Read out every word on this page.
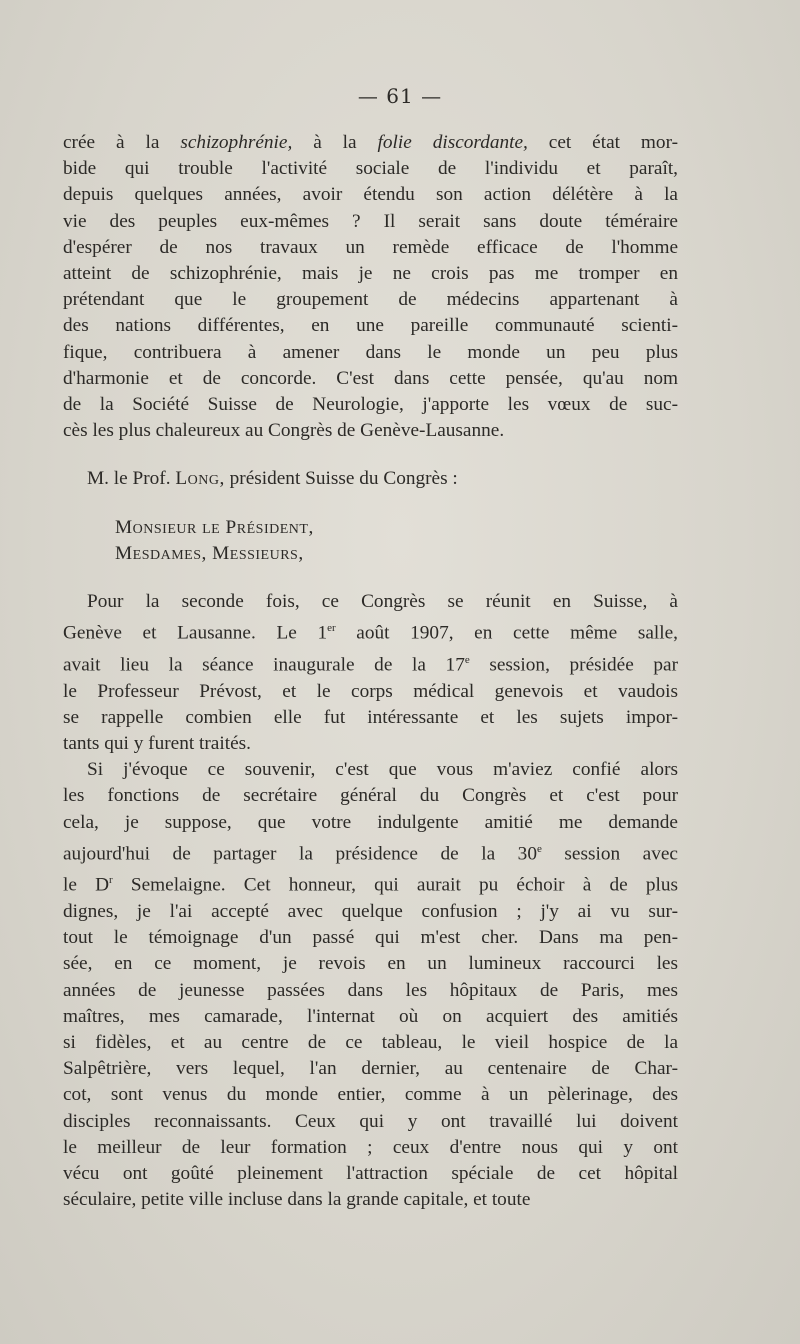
— 61 —
crée à la schizophrénie, à la folie discordante, cet état mor-
bide qui trouble l'activité sociale de l'individu et paraît,
depuis quelques années, avoir étendu son action délétère à la
vie des peuples eux-mêmes ? Il serait sans doute téméraire
d'espérer de nos travaux un remède efficace de l'homme
atteint de schizophrénie, mais je ne crois pas me tromper en
prétendant que le groupement de médecins appartenant à
des nations différentes, en une pareille communauté scienti-
fique, contribuera à amener dans le monde un peu plus
d'harmonie et de concorde. C'est dans cette pensée, qu'au nom
de la Société Suisse de Neurologie, j'apporte les vœux de suc-
cès les plus chaleureux au Congrès de Genève-Lausanne.
M. le Prof. Long, président Suisse du Congrès :
Monsieur le Président,
Mesdames, Messieurs,
Pour la seconde fois, ce Congrès se réunit en Suisse, à
Genève et Lausanne. Le 1er août 1907, en cette même salle,
avait lieu la séance inaugurale de la 17e session, présidée par
le Professeur Prévost, et le corps médical genevois et vaudois
se rappelle combien elle fut intéressante et les sujets impor-
tants qui y furent traités.
Si j'évoque ce souvenir, c'est que vous m'aviez confié alors
les fonctions de secrétaire général du Congrès et c'est pour
cela, je suppose, que votre indulgente amitié me demande
aujourd'hui de partager la présidence de la 30e session avec
le $D^r$ Semelaigne. Cet honneur, qui aurait pu échoir à de plus
dignes, je l'ai accepté avec quelque confusion ; j'y ai vu sur-
tout le témoignage d'un passé qui m'est cher. Dans ma pen-
sée, en ce moment, je revois en un lumineux raccourci les
années de jeunesse passées dans les hôpitaux de Paris, mes
maîtres, mes camarade, l'internat où on acquiert des amitiés
si fidèles, et au centre de ce tableau, le vieil hospice de la
Salpêtrière, vers lequel, l'an dernier, au centenaire de Char-
cot, sont venus du monde entier, comme à un pèlerinage, des
disciples reconnaissants. Ceux qui y ont travaillé lui doivent
le meilleur de leur formation ; ceux d'entre nous qui y ont
vécu ont goûté pleinement l'attraction spéciale de cet hôpital
séculaire, petite ville incluse dans la grande capitale, et toute
